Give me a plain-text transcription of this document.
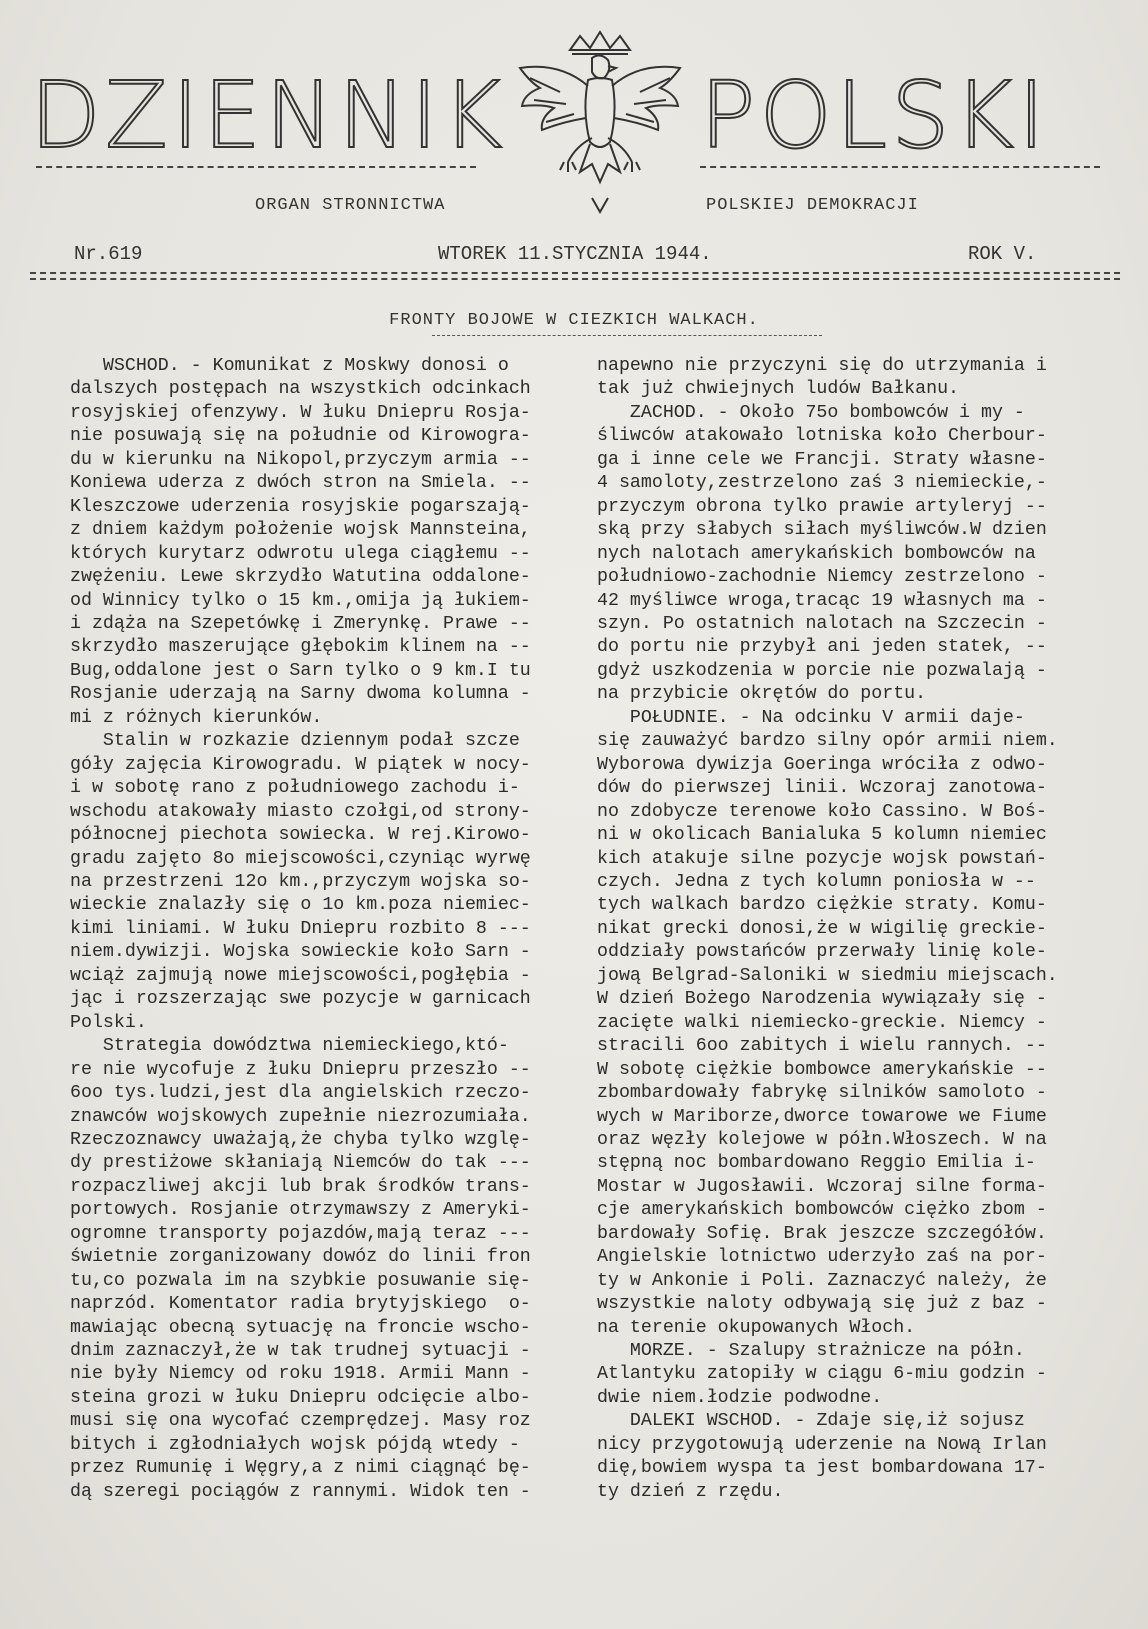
DZIENNIK POLSKI
ORGAN STRONNICTWA	POLSKIEJ DEMOKRACJI
Nr.619	WTOREK 11.STYCZNIA 1944.	ROK V.
FRONTY BOJOWE W CIEZKICH WALKACH.
WSCHOD. - Komunikat z Moskwy donosi o
dalszych postępach na wszystkich odcinkach
rosyjskiej ofenzywy. W łuku Dniepru Rosja-
nie posuwają się na południe od Kirowogra-
du w kierunku na Nikopol,przyczym armia --
Koniewa uderza z dwóch stron na Smiela. --
Kleszczowe uderzenia rosyjskie pogarszają-
z dniem każdym położenie wojsk Mannsteina,
których kurytarz odwrotu ulega ciągłemu --
zwężeniu. Lewe skrzydło Watutina oddalone-
od Winnicy tylko o 15 km.,omija ją łukiem-
i zdąża na Szepetówkę i Zmerynkę. Prawe --
skrzydło maszerujące głębokim klinem na --
Bug,oddalone jest o Sarn tylko o 9 km.I tu
Rosjanie uderzają na Sarny dwoma kolumna -
mi z różnych kierunków.
Stalin w rozkazie dziennym podał szcze
góły zajęcia Kirowogradu. W piątek w nocy-
i w sobotę rano z południowego zachodu i-
wschodu atakowały miasto czołgi,od strony-
północnej piechota sowiecka. W rej.Kirowo-
gradu zajęto 8o miejscowości,czyniąc wyrwę
na przestrzeni 12o km.,przyczym wojska so-
wieckie znalazły się o 1o km.poza niemiec-
kimi liniami. W łuku Dniepru rozbito 8 ---
niem.dywizji. Wojska sowieckie koło Sarn -
wciąż zajmują nowe miejscowości,pogłębia -
jąc i rozszerzając swe pozycje w garnicach
Polski.
Strategia dowództwa niemieckiego,któ-
re nie wycofuje z łuku Dniepru przeszło --
6oo tys.ludzi,jest dla angielskich rzeczo-
znawców wojskowych zupełnie niezrozumiała.
Rzeczoznawcy uważają,że chyba tylko wzglę-
dy prestiżowe skłaniają Niemców do tak ---
rozpaczliwej akcji lub brak środków trans-
portowych. Rosjanie otrzymawszy z Ameryki-
ogromne transporty pojazdów,mają teraz ---
świetnie zorganizowany dowóz do linii fron
tu,co pozwala im na szybkie posuwanie się-
naprzód. Komentator radia brytyjskiego  o-
mawiając obecną sytuację na froncie wscho-
dnim zaznaczył,że w tak trudnej sytuacji -
nie były Niemcy od roku 1918. Armii Mann -
steina grozi w łuku Dniepru odcięcie albo-
musi się ona wycofać czemprędzej. Masy roz
bitych i zgłodniałych wojsk pójdą wtedy -
przez Rumunię i Węgry,a z nimi ciągnąć bę-
dą szeregi pociągów z rannymi. Widok ten -
napewno nie przyczyni się do utrzymania i
tak już chwiejnych ludów Bałkanu.
ZACHOD. - Około 75o bombowców i my -
śliwców atakowało lotniska koło Cherbour-
ga i inne cele we Francji. Straty własne-
4 samoloty,zestrzelono zaś 3 niemieckie,-
przyczym obrona tylko prawie artyleryj --
ską przy słabych siłach myśliwców.W dzien
nych nalotach amerykańskich bombowców na
południowo-zachodnie Niemcy zestrzelono -
42 myśliwce wroga,tracąc 19 własnych ma -
szyn. Po ostatnich nalotach na Szczecin -
do portu nie przybył ani jeden statek, --
gdyż uszkodzenia w porcie nie pozwalają -
na przybicie okrętów do portu.
POŁUDNIE. - Na odcinku V armii daje-
się zauważyć bardzo silny opór armii niem.
Wyborowa dywizja Goeringa wróciła z odwo-
dów do pierwszej linii. Wczoraj zanotowa-
no zdobycze terenowe koło Cassino. W Boś-
ni w okolicach Banialuka 5 kolumn niemiec
kich atakuje silne pozycje wojsk powstań-
czych. Jedna z tych kolumn poniosła w --
tych walkach bardzo ciężkie straty. Komu-
nikat grecki donosi,że w wigilię greckie-
oddziały powstańców przerwały linię kole-
jową Belgrad-Saloniki w siedmiu miejscach.
W dzień Bożego Narodzenia wywiązały się -
zacięte walki niemiecko-greckie. Niemcy -
stracili 6oo zabitych i wielu rannych. --
W sobotę ciężkie bombowce amerykańskie --
zbombardowały fabrykę silników samoloto -
wych w Mariborze,dworce towarowe we Fiume
oraz węzły kolejowe w półn.Włoszech. W na
stępną noc bombardowano Reggio Emilia i-
Mostar w Jugosławii. Wczoraj silne forma-
cje amerykańskich bombowców ciężko zbom -
bardowały Sofię. Brak jeszcze szczegółów.
Angielskie lotnictwo uderzyło zaś na por-
ty w Ankonie i Poli. Zaznaczyć należy, że
wszystkie naloty odbywają się już z baz -
na terenie okupowanych Włoch.
MORZE. - Szalupy strażnicze na półn.
Atlantyku zatopiły w ciągu 6-miu godzin -
dwie niem.łodzie podwodne.
DALEKI WSCHOD. - Zdaje się,iż sojusz
nicy przygotowują uderzenie na Nową Irlan
dię,bowiem wyspa ta jest bombardowana 17-
ty dzień z rzędu.
